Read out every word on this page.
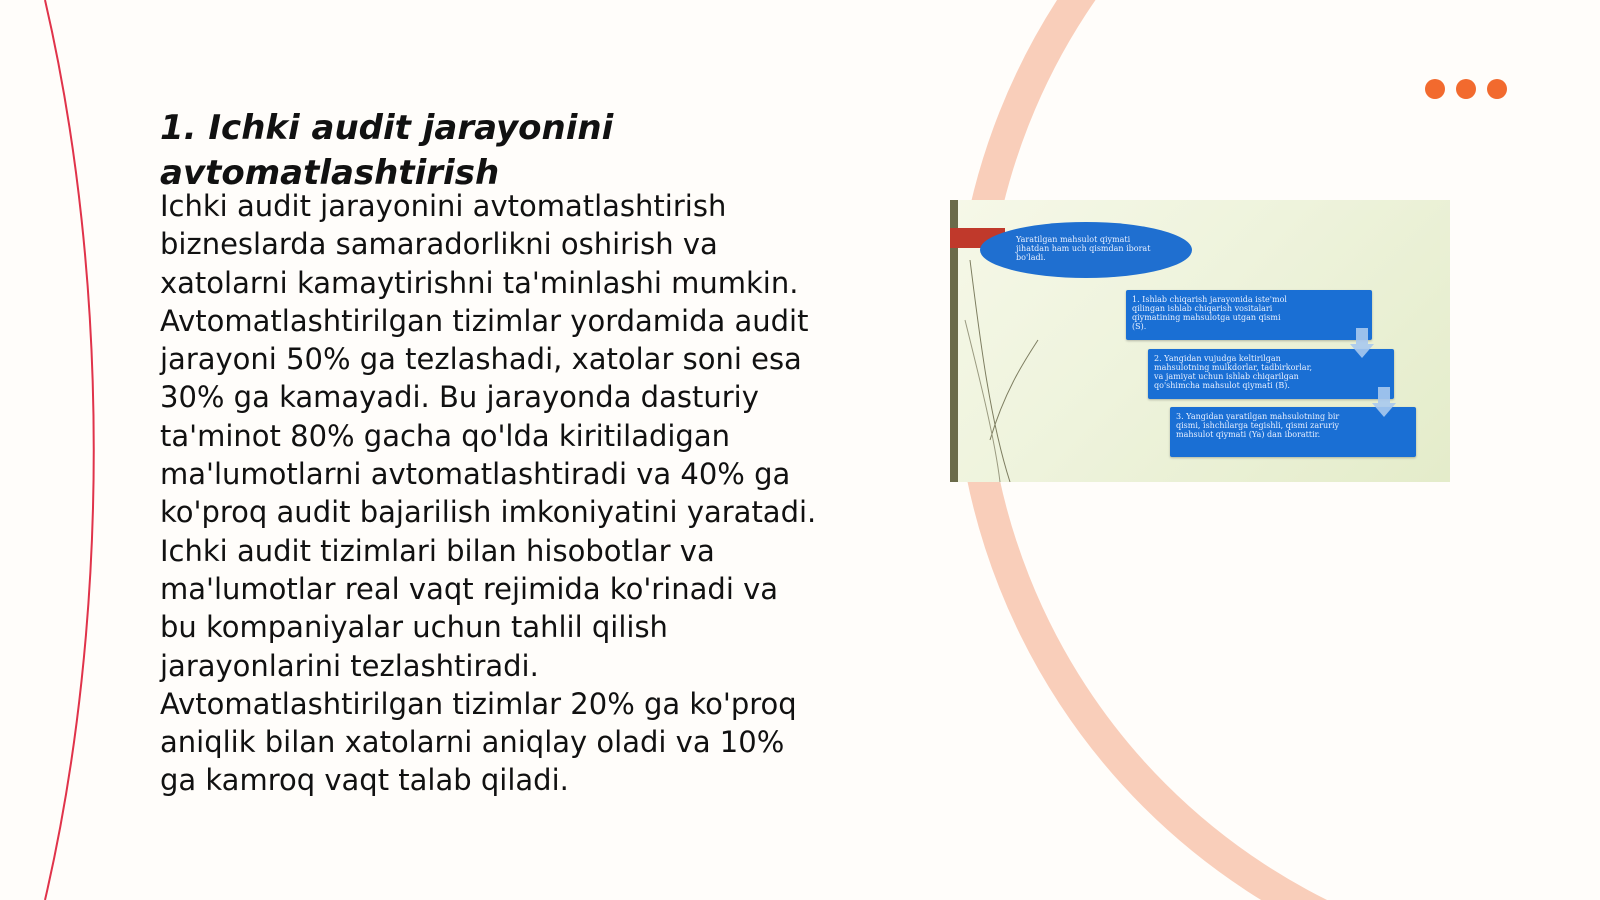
1. Ichki audit jarayonini
avtomatlashtirish

Ichki audit jarayonini avtomatlashtirish
bizneslarda samaradorlikni oshirish va
xatolarni kamaytirishni ta'minlashi mumkin.
Avtomatlashtirilgan tizimlar yordamida audit
jarayoni 50% ga tezlashadi, xatolar soni esa
30% ga kamayadi. Bu jarayonda dasturiy
ta'minot 80% gacha qo'lda kiritiladigan
ma'lumotlarni avtomatlashtiradi va 40% ga
ko'proq audit bajarilish imkoniyatini yaratadi.
Ichki audit tizimlari bilan hisobotlar va
ma'lumotlar real vaqt rejimida ko'rinadi va
bu kompaniyalar uchun tahlil qilish
jarayonlarini tezlashtiradi.
Avtomatlashtirilgan tizimlar 20% ga ko'proq
aniqlik bilan xatolarni aniqlay oladi va 10%
ga kamroq vaqt talab qiladi.

Yaratilgan mahsulot qiymati
jihatdan ham uch qismdan iborat
bo'ladi.
1. Ishlab chiqarish jarayonida iste'mol
qilingan ishlab chiqarish vositalari
qiymatining mahsulotga utgan qismi
(S).
2. Yangidan vujudga keltirilgan
mahsulotning mulkdorlar, tadbirkorlar,
va jamiyat uchun ishlab chiqarilgan
qo'shimcha mahsulot qiymati (B).
3. Yangidan yaratilgan mahsulotning bir
qismi, ishchilarga tegishli, qismi zaruriy
mahsulot qiymati (Ya) dan iborattir.
